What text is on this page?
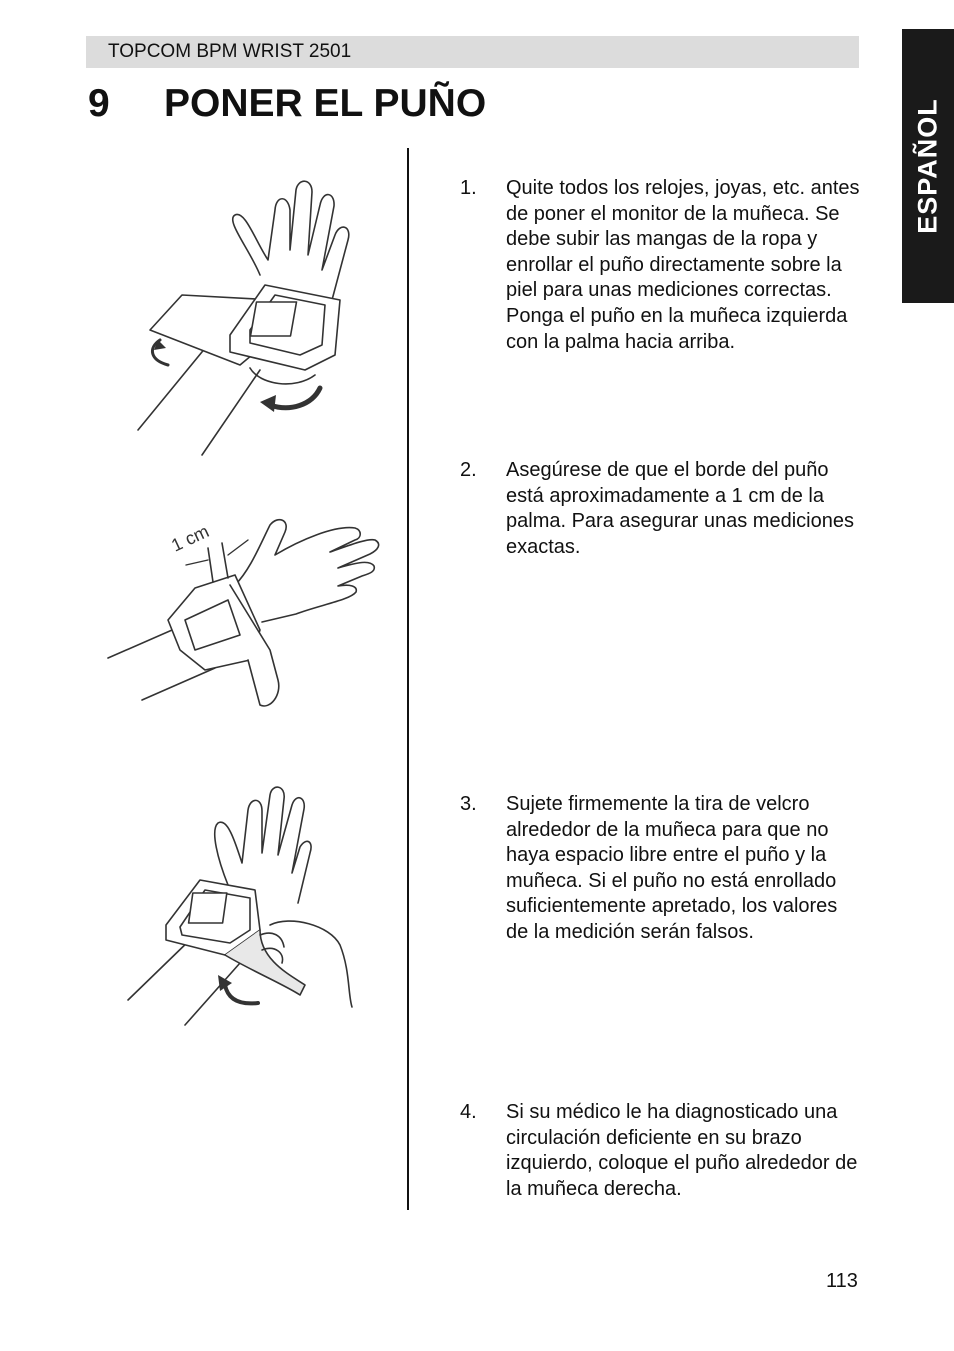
TOPCOM BPM WRIST 2501
ESPAÑOL
9 PONER EL PUÑO
1 cm
1. Quite todos los relojes, joyas, etc. antes de poner el monitor de la muñeca. Se debe subir las mangas de la ropa y enrollar el puño directamente sobre la piel para unas mediciones correctas. Ponga el puño en la muñeca izquierda con la palma hacia arriba.
2. Asegúrese de que el borde del puño está aproximadamente a 1 cm de la palma. Para asegurar unas mediciones exactas.
3. Sujete firmemente la tira de velcro alrededor de la muñeca para que no haya espacio libre entre el puño y la muñeca. Si el puño no está enrollado suficientemente apretado, los valores de la medición serán falsos.
4. Si su médico le ha diagnosticado una circulación deficiente en su brazo izquierdo, coloque el puño alrededor de la muñeca derecha.
113
